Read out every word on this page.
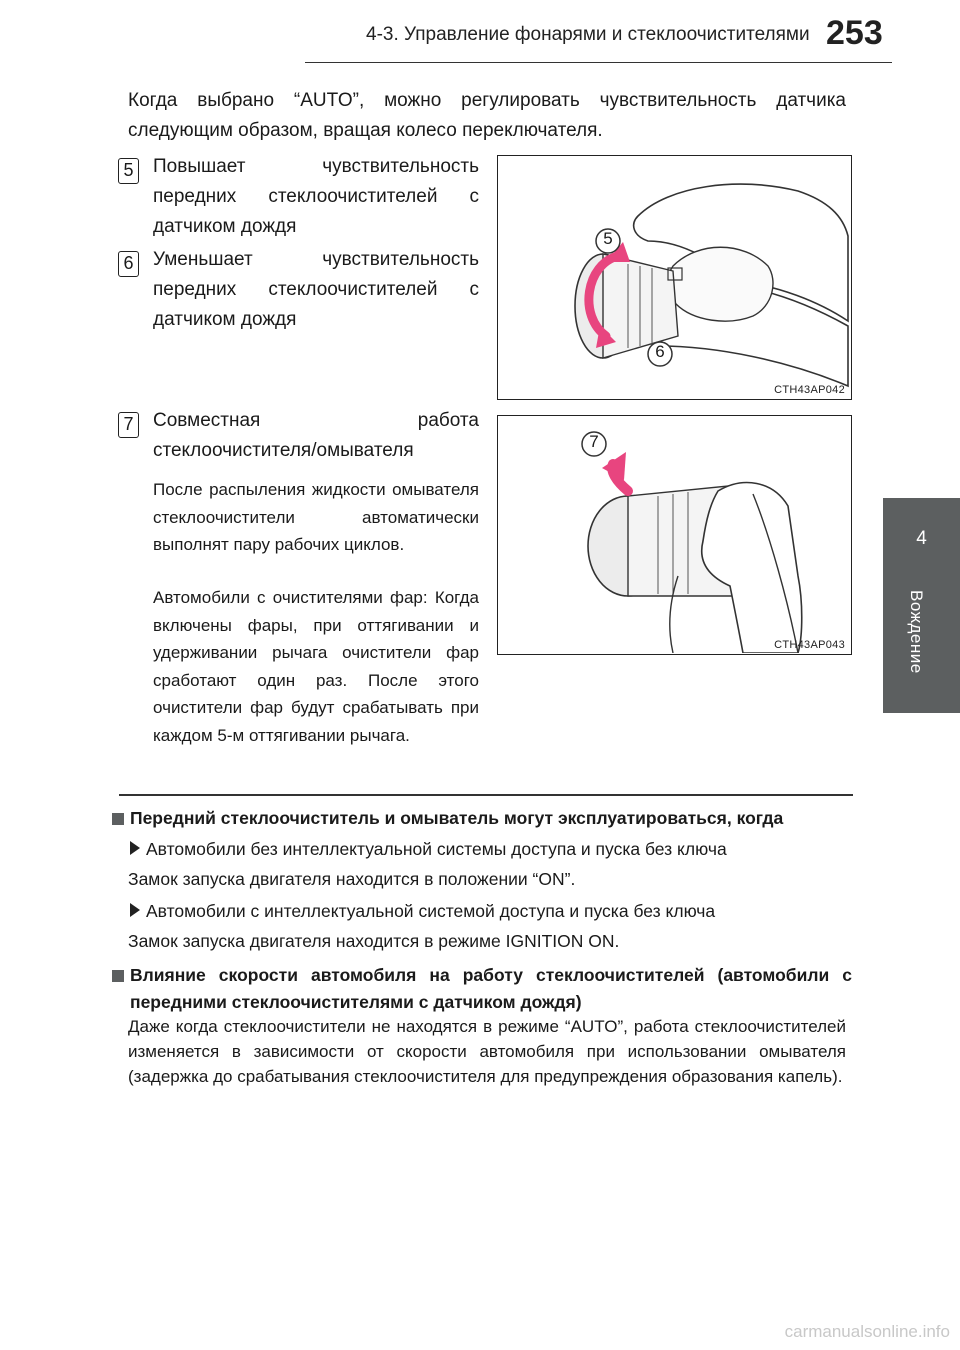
4-3. Управление фонарями и стеклоочистителями 253
4
Вождение
Когда выбрано “AUTO”, можно регулировать чувствительность датчика следующим образом, вращая колесо переключателя.
5 Повышает чувствительность передних стеклоочистителей с датчиком дождя
6 Уменьшает чувствительность передних стеклоочистителей с датчиком дождя
7 Совместная работа стеклоочистителя/омывателя
После распыления жидкости омывателя стеклоочистители автоматически выполнят пару рабочих циклов.
Автомобили с очистителями фар: Когда включены фары, при оттягивании и удерживании рычага очистители фар сработают один раз. После этого очистители фар будут срабатывать при каждом 5-м оттягивании рычага.
5
6
CTH43AP042
7
CTH43AP043
Передний стеклоочиститель и омыватель могут эксплуатироваться, когда
Автомобили без интеллектуальной системы доступа и пуска без ключа
Замок запуска двигателя находится в положении “ON”.
Автомобили с интеллектуальной системой доступа и пуска без ключа
Замок запуска двигателя находится в режиме IGNITION ON.
Влияние скорости автомобиля на работу стеклоочистителей (автомобили с передними стеклоочистителями с датчиком дождя)
Даже когда стеклоочистители не находятся в режиме “AUTO”, работа стеклоочистителей изменяется в зависимости от скорости автомобиля при использовании омывателя (задержка до срабатывания стеклоочистителя для предупреждения образования капель).
carmanualsonline.info
